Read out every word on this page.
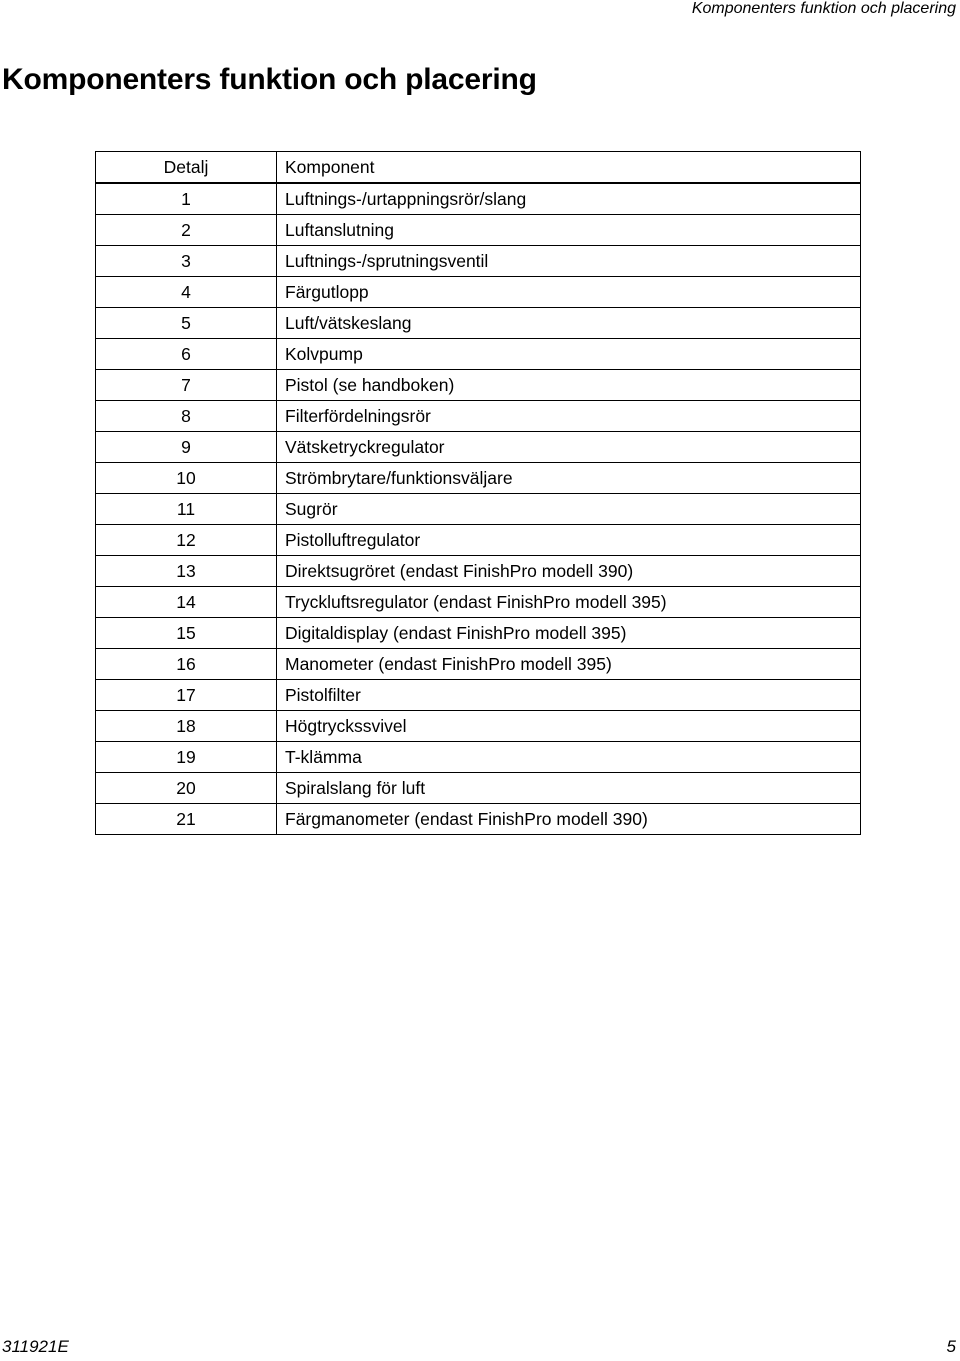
Komponenters funktion och placering
Komponenters funktion och placering
Detalj	Komponent
1	Luftnings-/urtappningsrör/slang
2	Luftanslutning
3	Luftnings-/sprutningsventil
4	Färgutlopp
5	Luft/vätskeslang
6	Kolvpump
7	Pistol (se handboken)
8	Filterfördelningsrör
9	Vätsketryckregulator
10	Strömbrytare/funktionsväljare
11	Sugrör
12	Pistolluftregulator
13	Direktsugröret (endast FinishPro modell 390)
14	Tryckluftsregulator (endast FinishPro modell 395)
15	Digitaldisplay (endast FinishPro modell 395)
16	Manometer (endast FinishPro modell 395)
17	Pistolfilter
18	Högtryckssvivel
19	T-klämma
20	Spiralslang för luft
21	Färgmanometer (endast FinishPro modell 390)
311921E	5
